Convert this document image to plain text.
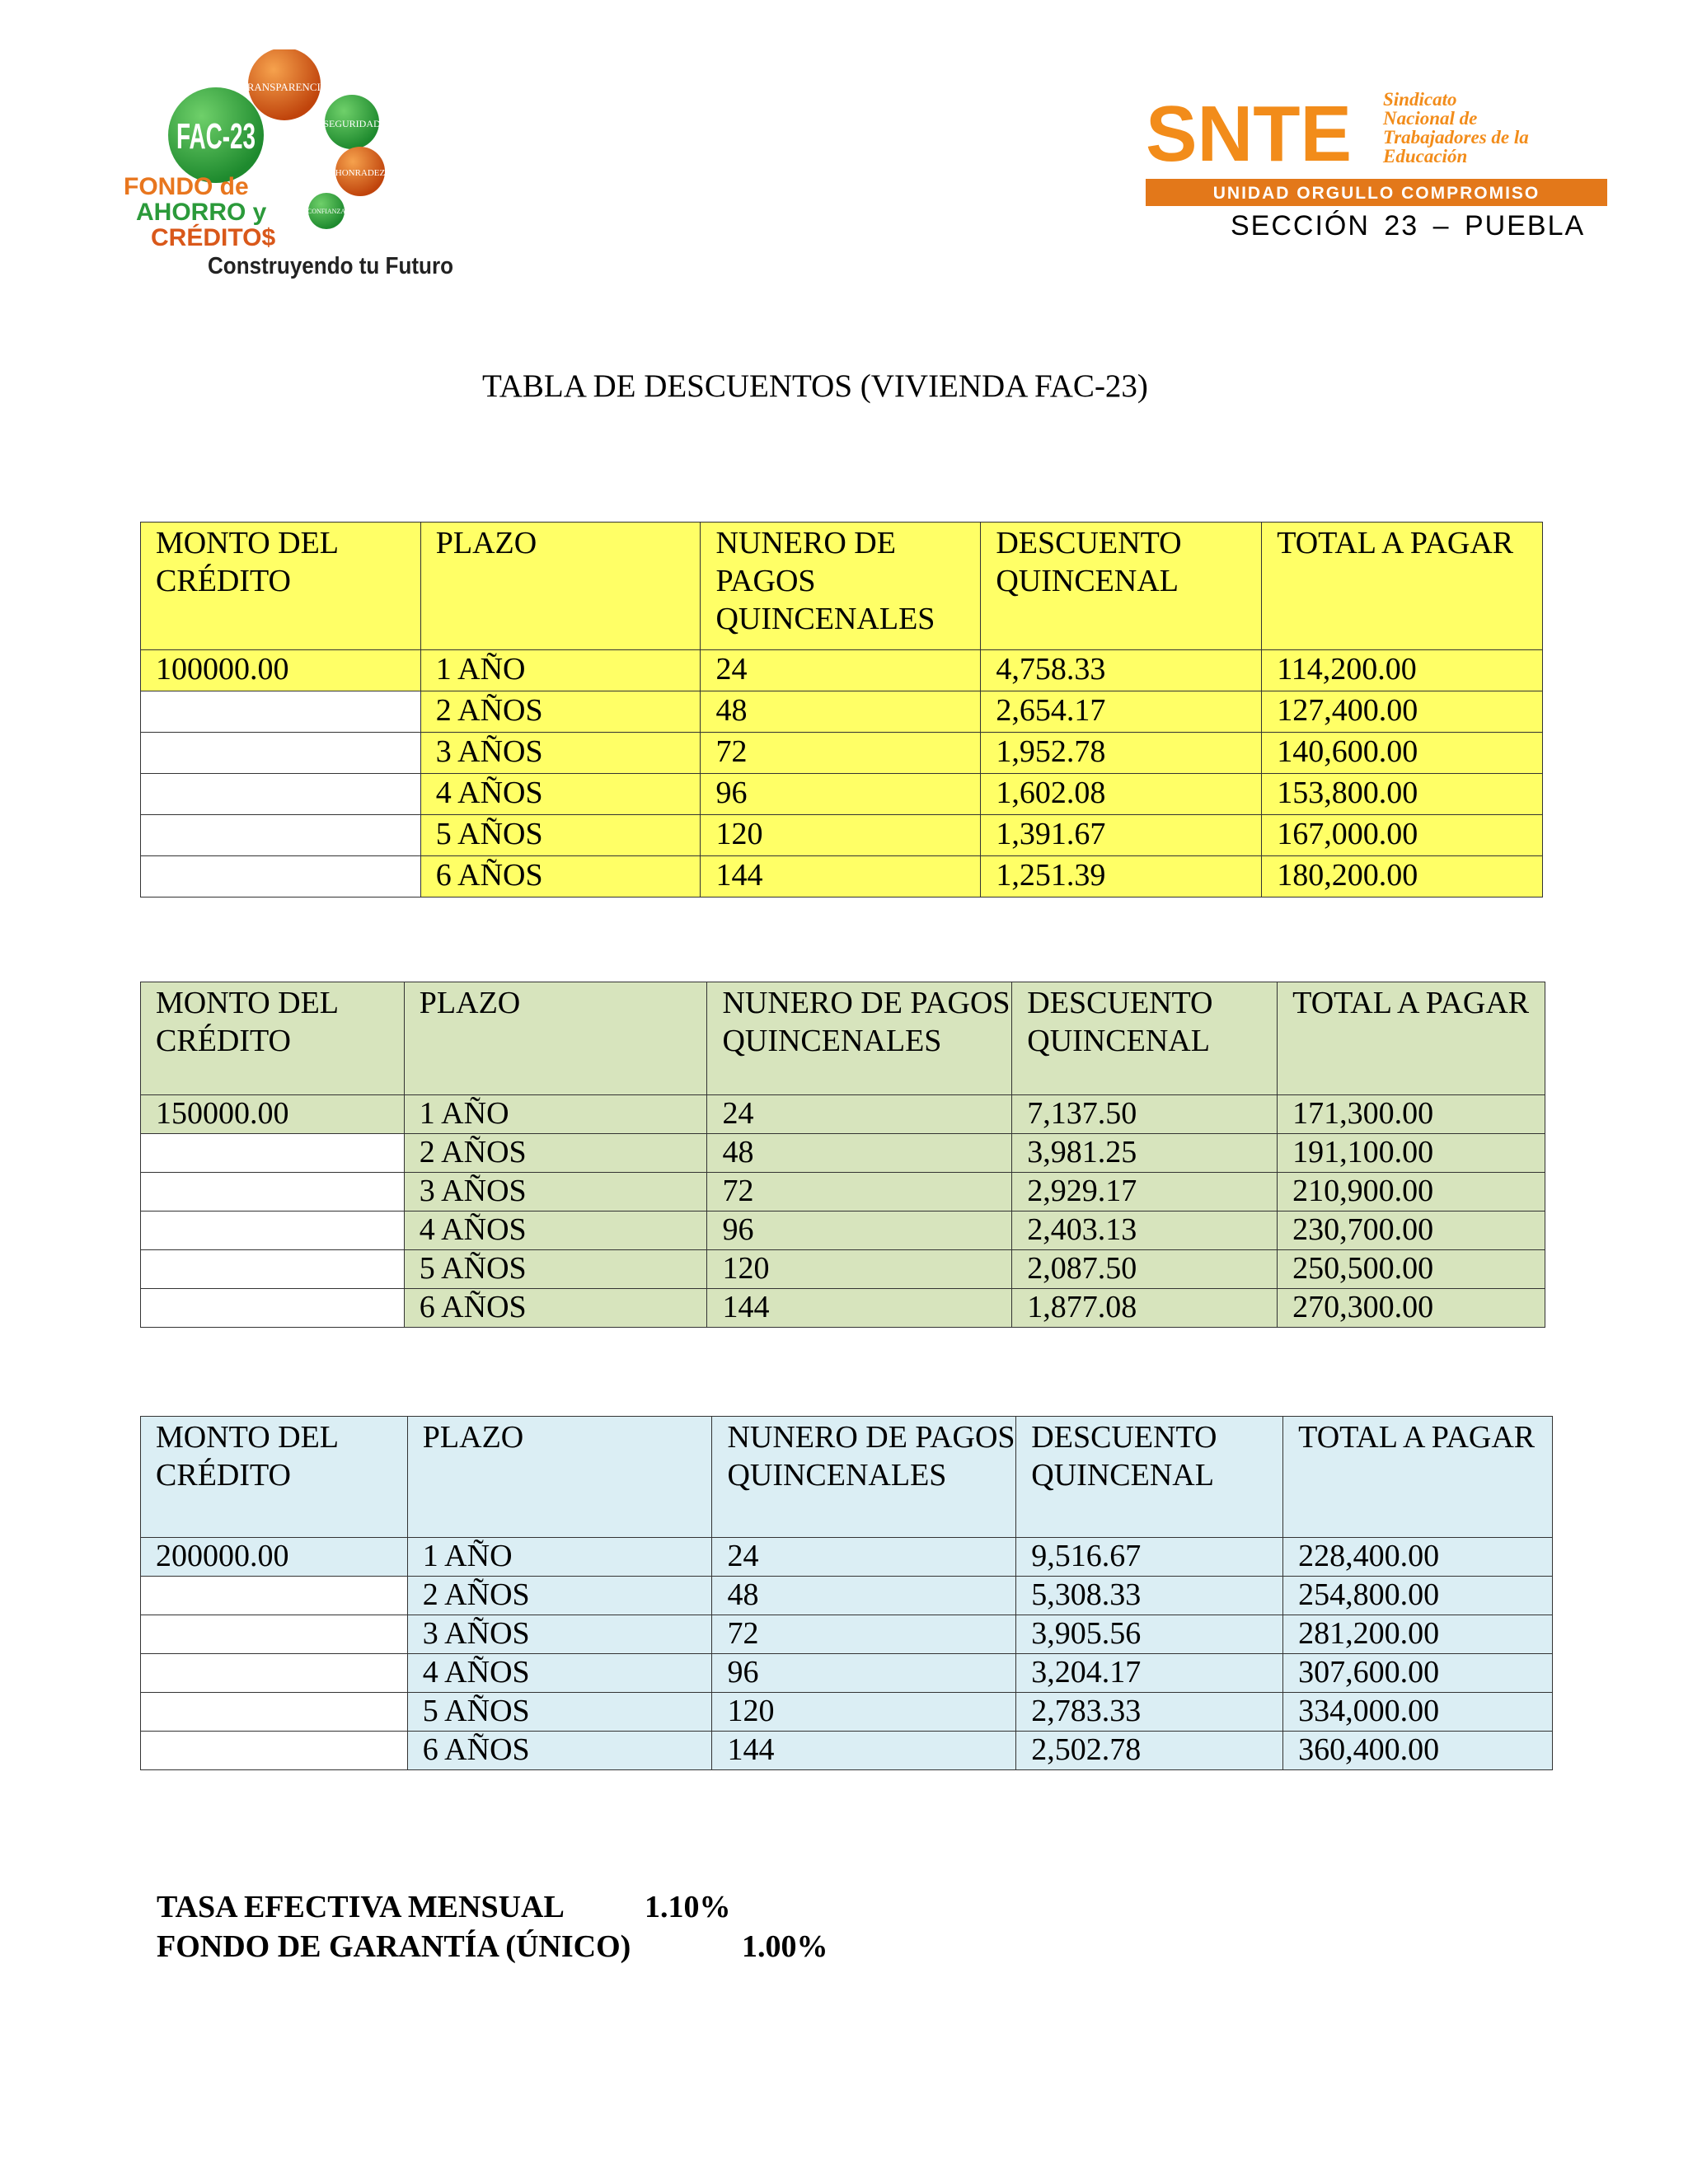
TRANSPARENCIA
SEGURIDAD
HONRADEZ
CONFIANZA
FAC-23
FONDO de
AHORRO y
CRÉDITO$
Construyendo tu Futuro
SNTE Sindicato
Nacional de
Trabajadores de la
Educación
UNIDAD ORGULLO COMPROMISO
SECCIÓN 23 – PUEBLA
TABLA DE DESCUENTOS (VIVIENDA FAC-23)
MONTO DEL CRÉDITO	PLAZO	NUNERO DE PAGOS QUINCENALES	DESCUENTO QUINCENAL	TOTAL A PAGAR
100000.00	1 AÑO	24	4,758.33	114,200.00
	2 AÑOS	48	2,654.17	127,400.00
	3 AÑOS	72	1,952.78	140,600.00
	4 AÑOS	96	1,602.08	153,800.00
	5 AÑOS	120	1,391.67	167,000.00
	6 AÑOS	144	1,251.39	180,200.00
MONTO DEL CRÉDITO	PLAZO	NUNERO DE PAGOS QUINCENALES	DESCUENTO QUINCENAL	TOTAL A PAGAR
150000.00	1 AÑO	24	7,137.50	171,300.00
	2 AÑOS	48	3,981.25	191,100.00
	3 AÑOS	72	2,929.17	210,900.00
	4 AÑOS	96	2,403.13	230,700.00
	5 AÑOS	120	2,087.50	250,500.00
	6 AÑOS	144	1,877.08	270,300.00
MONTO DEL CRÉDITO	PLAZO	NUNERO DE PAGOS QUINCENALES	DESCUENTO QUINCENAL	TOTAL A PAGAR
200000.00	1 AÑO	24	9,516.67	228,400.00
	2 AÑOS	48	5,308.33	254,800.00
	3 AÑOS	72	3,905.56	281,200.00
	4 AÑOS	96	3,204.17	307,600.00
	5 AÑOS	120	2,783.33	334,000.00
	6 AÑOS	144	2,502.78	360,400.00
TASA EFECTIVA MENSUAL	1.10%
FONDO DE GARANTÍA (ÚNICO)	1.00%
